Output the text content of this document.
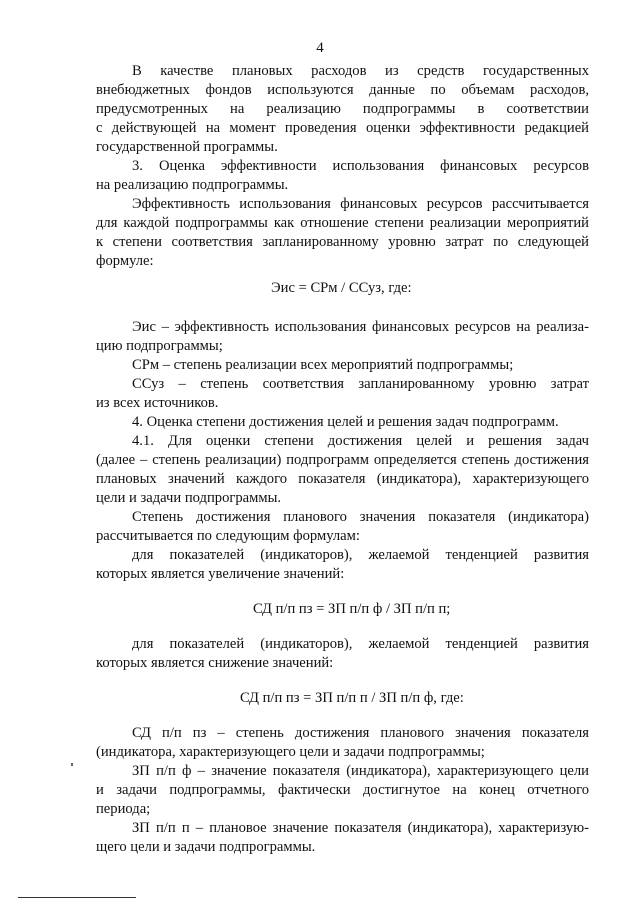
4
В качестве плановых расходов из средств государственных
внебюджетных фондов используются данные по объемам расходов,
предусмотренных на реализацию подпрограммы в соответствии
с действующей на момент проведения оценки эффективности редакцией
государственной программы.
3. Оценка эффективности использования финансовых ресурсов
на реализацию подпрограммы.
Эффективность использования финансовых ресурсов рассчитывается
для каждой подпрограммы как отношение степени реализации мероприятий
к степени соответствия запланированному уровню затрат по следующей
формуле:
Эис = СРм / ССуз, где:
Эис – эффективность использования финансовых ресурсов на реализа-
цию подпрограммы;
СРм – степень реализации всех мероприятий подпрограммы;
ССуз – степень соответствия запланированному уровню затрат
из всех источников.
4. Оценка степени достижения целей и решения задач подпрограмм.
4.1. Для оценки степени достижения целей и решения задач
(далее – степень реализации) подпрограмм определяется степень достижения
плановых значений каждого показателя (индикатора), характеризующего
цели и задачи подпрограммы.
Степень достижения планового значения показателя (индикатора)
рассчитывается по следующим формулам:
для показателей (индикаторов), желаемой тенденцией развития
которых является увеличение значений:
СД п/п пз = ЗП п/п ф / ЗП п/п п;
для показателей (индикаторов), желаемой тенденцией развития
которых является снижение значений:
СД п/п пз = ЗП п/п п / ЗП п/п ф, где:
СД п/п пз – степень достижения планового значения показателя
(индикатора, характеризующего цели и задачи подпрограммы;
ЗП п/п ф – значение показателя (индикатора), характеризующего цели
и задачи подпрограммы, фактически достигнутое на конец отчетного
периода;
ЗП п/п п – плановое значение показателя (индикатора), характеризую-
щего цели и задачи подпрограммы.
